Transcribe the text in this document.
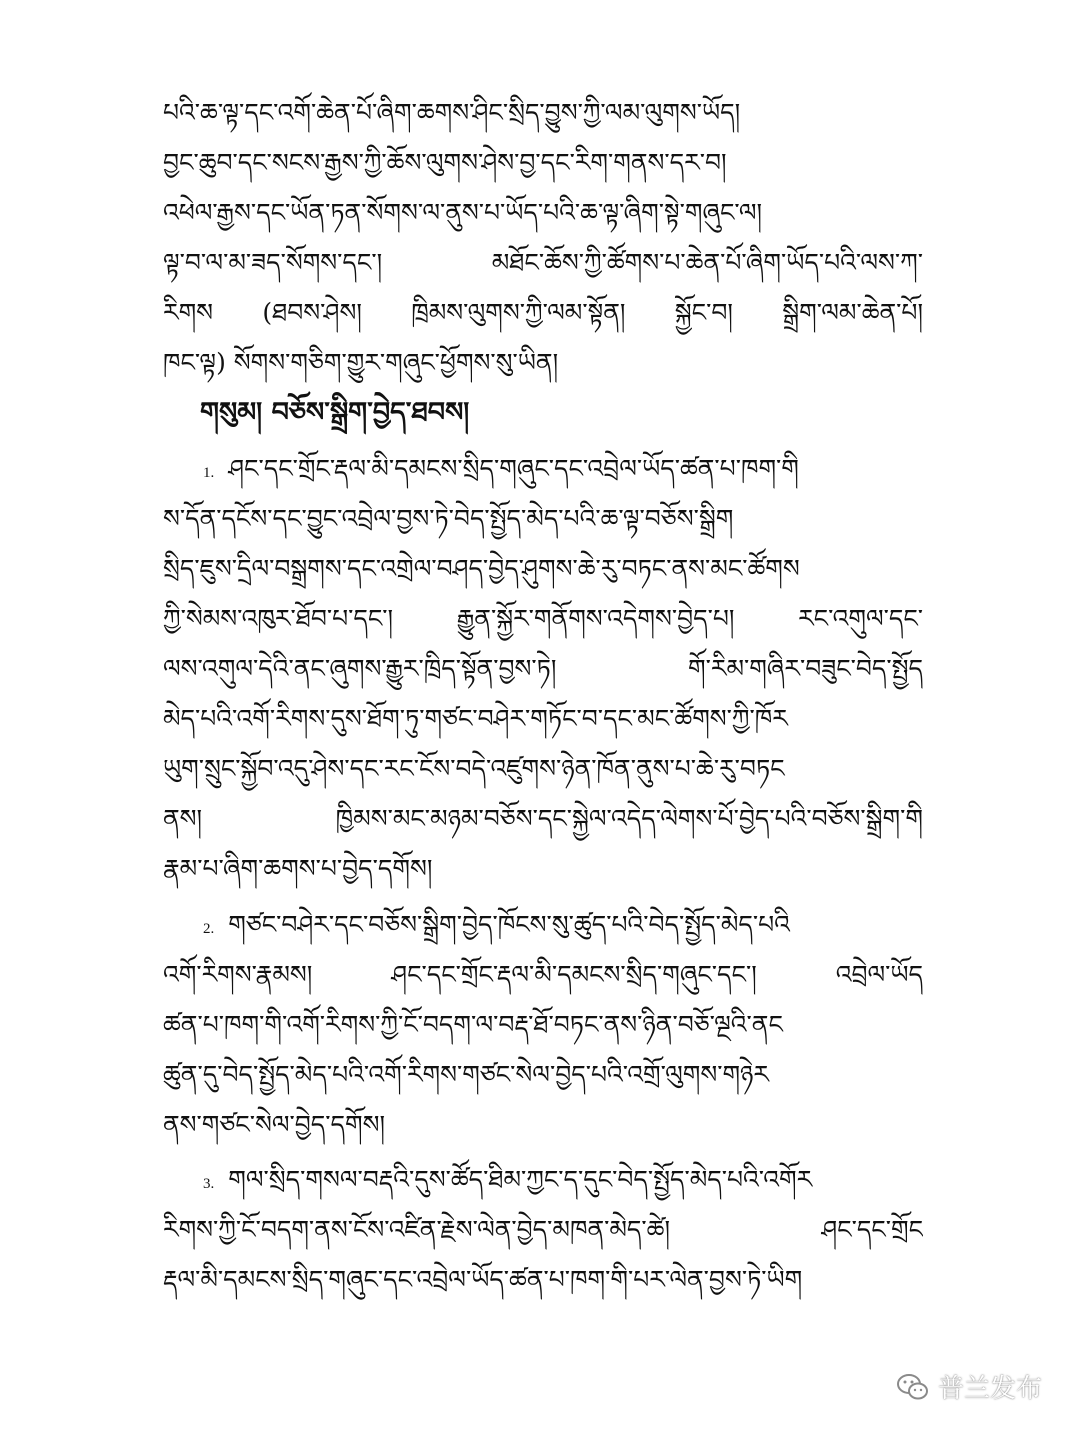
པའི་ཆ་ལྟ་དང་འགོ་ཆེན་པོ་ཞིག་ཆགས་ཤིང་སྲིད་བྱུས་ཀྱི་ལམ་ལུགས་ཡོད།
བྱང་ཆུབ་དང་སངས་རྒྱས་ཀྱི་ཆོས་ལུགས་ཤེས་བྱ་དང་རིག་གནས་དར་བ།
འཕེལ་རྒྱས་དང་ཡོན་ཏན་སོགས་ལ་ནུས་པ་ཡོད་པའི་ཆ་ལྟ་ཞིག་སྟེ་གཞུང་ལ།
ལྟ་བ་ལ་མ་ཟད་སོགས་དང་། མཐོང་ཆོས་ཀྱི་ཚོགས་པ་ཆེན་པོ་ཞིག་ཡོད་པའི་ལས་ཀ་
རིགས (ཐབས་ཤེས། ཁྲིམས་ལུགས་ཀྱི་ལམ་སྟོན། སྐྱོང་བ། སྒྲིག་ལམ་ཆེན་པོ།
ཁང་ལྟ) སོགས་གཅིག་གྱུར་གཞུང་ཕྱོགས་སུ་ཡིན།
གསུམ། བཅོས་སྒྲིག་བྱེད་ཐབས།
1. ཤང་དང་གྲོང་རྡལ་མི་དམངས་སྲིད་གཞུང་དང་འབྲེལ་ཡོད་ཚན་པ་ཁག་གི
ས་དོན་དངོས་དང་བྱུང་འབྲེལ་བྱས་ཏེ་བེད་སྤྱོད་མེད་པའི་ཆ་ལྟ་བཅོས་སྒྲིག
སྲིད་ཇུས་དྲིལ་བསྒྲགས་དང་འགྲེལ་བཤད་བྱེད་ཤུགས་ཆེ་རུ་བཏང་ནས་མང་ཚོགས
ཀྱི་སེམས་འཁུར་ཐོབ་པ་དང་། རྒྱུན་སྐྱོར་གནོགས་འདེགས་བྱེད་པ། རང་འགུལ་དང་
ལས་འགུལ་དེའི་ནང་ཞུགས་རྒྱུར་ཁྲིད་སྟོན་བྱས་ཏེ། གོ་རིམ་གཞིར་བཟུང་བེད་སྤྱོད
མེད་པའི་འགོ་རིགས་དུས་ཐོག་ཏུ་གཙང་བཤེར་གཏོང་བ་དང་མང་ཚོགས་ཀྱི་ཁོར
ཡུག་སྲུང་སྐྱོབ་འདུ་ཤེས་དང་རང་ངོས་བདེ་འཛུགས་ཉེན་ཁོན་ནུས་པ་ཆེ་རུ་བཏང
ནས། ཁྱིམས་མང་མཉམ་བཅོས་དང་སྐྱེལ་འདེད་ལེགས་པོ་བྱེད་པའི་བཅོས་སྒྲིག་གི
རྣམ་པ་ཞིག་ཆགས་པ་བྱེད་དགོས།
2. གཙང་བཤེར་དང་བཅོས་སྒྲིག་བྱེད་ཁོངས་སུ་ཚུད་པའི་བེད་སྤྱོད་མེད་པའི
འགོ་རིགས་རྣམས། ཤང་དང་གྲོང་རྡལ་མི་དམངས་སྲིད་གཞུང་དང་། འབྲེལ་ཡོད
ཚན་པ་ཁག་གི་འགོ་རིགས་ཀྱི་ངོ་བདག་ལ་བརྡ་ཐོ་བཏང་ནས་ཉིན་བཅོ་ལྔའི་ནང
ཚུན་དུ་བེད་སྤྱོད་མེད་པའི་འགོ་རིགས་གཙང་སེལ་བྱེད་པའི་འགྲོ་ལུགས་གཉེར
ནས་གཙང་སེལ་བྱེད་དགོས།
3. གལ་སྲིད་གསལ་བརྡའི་དུས་ཚོད་ཐིམ་ཀྱང་ད་དུང་བེད་སྤྱོད་མེད་པའི་འགོར
རིགས་ཀྱི་ངོ་བདག་ནས་ངོས་འཛིན་རྗེས་ལེན་བྱེད་མཁན་མེད་ཚེ། ཤང་དང་གྲོང
རྡལ་མི་དམངས་སྲིད་གཞུང་དང་འབྲེལ་ཡོད་ཚན་པ་ཁག་གི་པར་ལེན་བྱས་ཏེ་ཡིག
普兰发布
